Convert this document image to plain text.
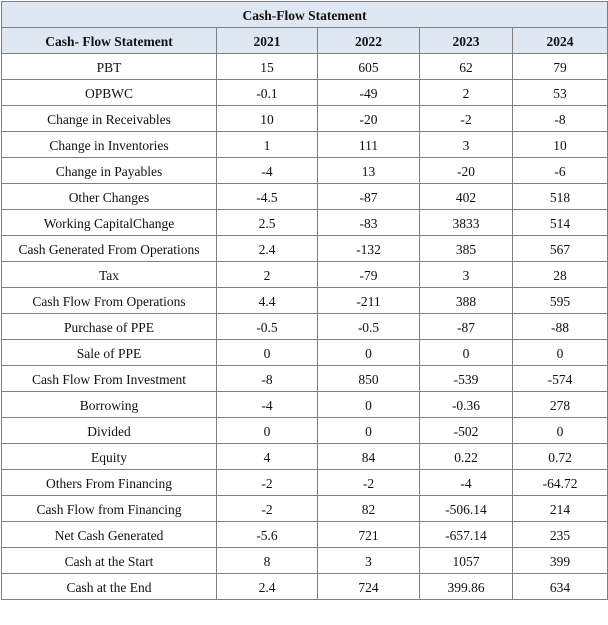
Cash-Flow Statement				
Cash- Flow Statement	2021	2022	2023	2024
PBT	15	605	62	79
OPBWC	-0.1	-49	2	53
Change in Receivables	10	-20	-2	-8
Change in Inventories	1	111	3	10
Change in Payables	-4	13	-20	-6
Other Changes	-4.5	-87	402	518
Working CapitalChange	2.5	-83	3833	514
Cash Generated From Operations	2.4	-132	385	567
Tax	2	-79	3	28
Cash Flow From Operations	4.4	-211	388	595
Purchase of PPE	-0.5	-0.5	-87	-88
Sale of PPE	0	0	0	0
Cash Flow From Investment	-8	850	-539	-574
Borrowing	-4	0	-0.36	278
Divided	0	0	-502	0
Equity	4	84	0.22	0.72
Others From Financing	-2	-2	-4	-64.72
Cash Flow from Financing	-2	82	-506.14	214
Net Cash Generated	-5.6	721	-657.14	235
Cash at the Start	8	3	1057	399
Cash at the End	2.4	724	399.86	634
